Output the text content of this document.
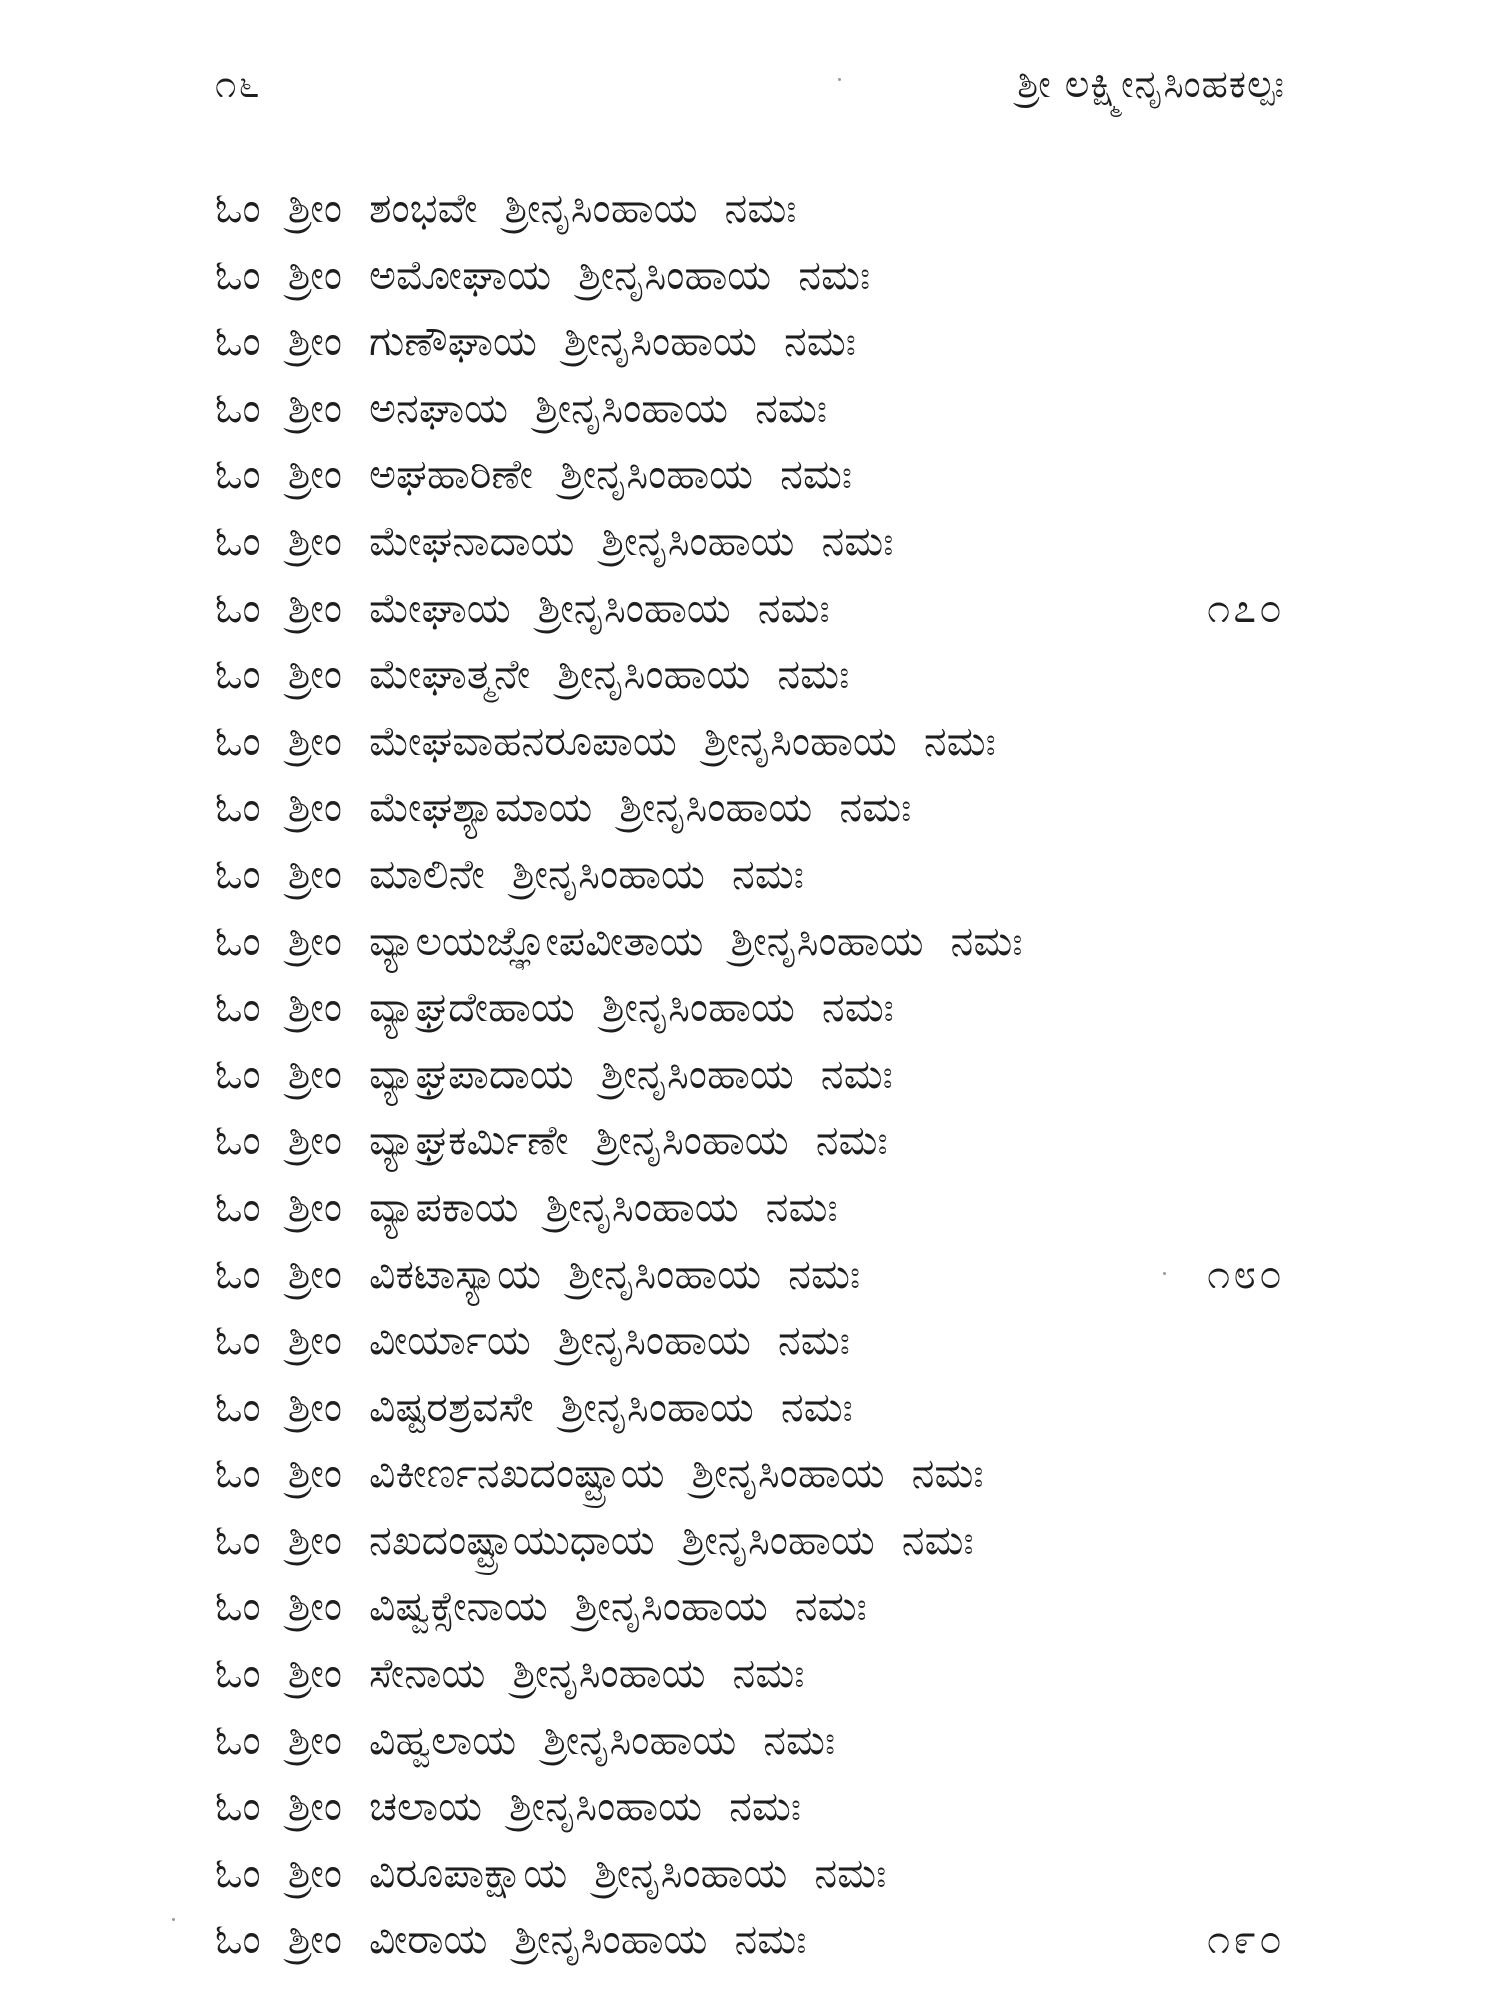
೧೬	ಶ್ರೀ ಲಕ್ಷ್ಮೀನೃಸಿಂಹಕಲ್ಪಃ
ಓಂ ಶ್ರೀಂ ಶಂಭವೇ ಶ್ರೀನೃಸಿಂಹಾಯ ನಮಃ
ಓಂ ಶ್ರೀಂ ಅಮೋಘಾಯ ಶ್ರೀನೃಸಿಂಹಾಯ ನಮಃ
ಓಂ ಶ್ರೀಂ ಗುಣೌಘಾಯ ಶ್ರೀನೃಸಿಂಹಾಯ ನಮಃ
ಓಂ ಶ್ರೀಂ ಅನಘಾಯ ಶ್ರೀನೃಸಿಂಹಾಯ ನಮಃ
ಓಂ ಶ್ರೀಂ ಅಘಹಾರಿಣೇ ಶ್ರೀನೃಸಿಂಹಾಯ ನಮಃ
ಓಂ ಶ್ರೀಂ ಮೇಘನಾದಾಯ ಶ್ರೀನೃಸಿಂಹಾಯ ನಮಃ
ಓಂ ಶ್ರೀಂ ಮೇಘಾಯ ಶ್ರೀನೃಸಿಂಹಾಯ ನಮಃ	೧೭೦
ಓಂ ಶ್ರೀಂ ಮೇಘಾತ್ಮನೇ ಶ್ರೀನೃಸಿಂಹಾಯ ನಮಃ
ಓಂ ಶ್ರೀಂ ಮೇಘವಾಹನರೂಪಾಯ ಶ್ರೀನೃಸಿಂಹಾಯ ನಮಃ
ಓಂ ಶ್ರೀಂ ಮೇಘಶ್ಯಾಮಾಯ ಶ್ರೀನೃಸಿಂಹಾಯ ನಮಃ
ಓಂ ಶ್ರೀಂ ಮಾಲಿನೇ ಶ್ರೀನೃಸಿಂಹಾಯ ನಮಃ
ಓಂ ಶ್ರೀಂ ವ್ಯಾಲಯಜ್ಞೋಪವೀತಾಯ ಶ್ರೀನೃಸಿಂಹಾಯ ನಮಃ
ಓಂ ಶ್ರೀಂ ವ್ಯಾಘ್ರದೇಹಾಯ ಶ್ರೀನೃಸಿಂಹಾಯ ನಮಃ
ಓಂ ಶ್ರೀಂ ವ್ಯಾಘ್ರಪಾದಾಯ ಶ್ರೀನೃಸಿಂಹಾಯ ನಮಃ
ಓಂ ಶ್ರೀಂ ವ್ಯಾಘ್ರಕರ್ಮಿಣೇ ಶ್ರೀನೃಸಿಂಹಾಯ ನಮಃ
ಓಂ ಶ್ರೀಂ ವ್ಯಾಪಕಾಯ ಶ್ರೀನೃಸಿಂಹಾಯ ನಮಃ
ಓಂ ಶ್ರೀಂ ವಿಕಟಾಸ್ಯಾಯ ಶ್ರೀನೃಸಿಂಹಾಯ ನಮಃ	೧೮೦
ಓಂ ಶ್ರೀಂ ವೀರ್ಯಾಯ ಶ್ರೀನೃಸಿಂಹಾಯ ನಮಃ
ಓಂ ಶ್ರೀಂ ವಿಷ್ಟರಶ್ರವಸೇ ಶ್ರೀನೃಸಿಂಹಾಯ ನಮಃ
ಓಂ ಶ್ರೀಂ ವಿಕೀರ್ಣನಖದಂಷ್ಟ್ರಾಯ ಶ್ರೀನೃಸಿಂಹಾಯ ನಮಃ
ಓಂ ಶ್ರೀಂ ನಖದಂಷ್ಟ್ರಾಯುಧಾಯ ಶ್ರೀನೃಸಿಂಹಾಯ ನಮಃ
ಓಂ ಶ್ರೀಂ ವಿಷ್ವಕ್ಸೇನಾಯ ಶ್ರೀನೃಸಿಂಹಾಯ ನಮಃ
ಓಂ ಶ್ರೀಂ ಸೇನಾಯ ಶ್ರೀನೃಸಿಂಹಾಯ ನಮಃ
ಓಂ ಶ್ರೀಂ ವಿಹ್ವಲಾಯ ಶ್ರೀನೃಸಿಂಹಾಯ ನಮಃ
ಓಂ ಶ್ರೀಂ ಚಲಾಯ ಶ್ರೀನೃಸಿಂಹಾಯ ನಮಃ
ಓಂ ಶ್ರೀಂ ವಿರೂಪಾಕ್ಷಾಯ ಶ್ರೀನೃಸಿಂಹಾಯ ನಮಃ
ಓಂ ಶ್ರೀಂ ವೀರಾಯ ಶ್ರೀನೃಸಿಂಹಾಯ ನಮಃ	೧೯೦
